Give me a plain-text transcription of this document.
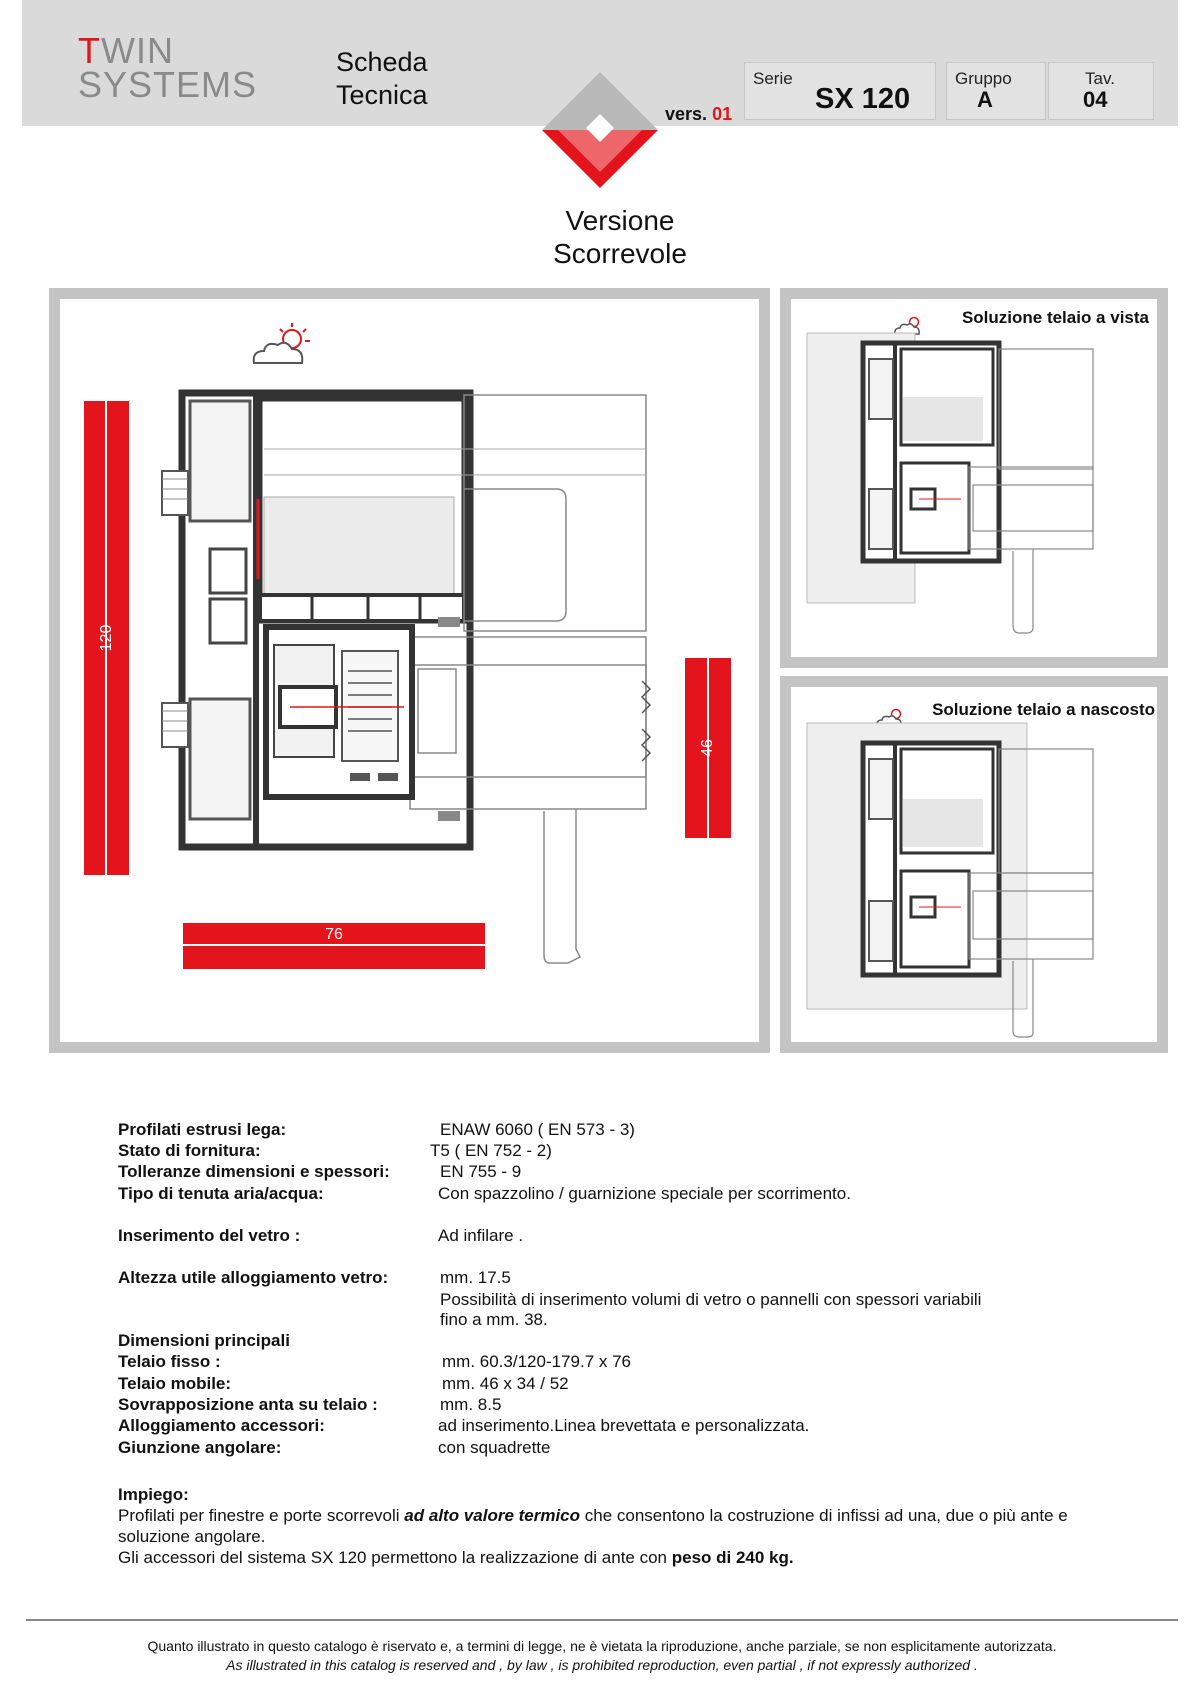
TWIN
SYSTEMS
Scheda
Tecnica
vers. 01
Serie
SX 120
Gruppo
A
Tav.
04
Versione
Scorrevole
120
76
46
Soluzione telaio a vista
Soluzione telaio a nascosto
Profilati estrusi lega:	ENAW 6060 ( EN 573 - 3)
Stato di fornitura:	T5 ( EN 752 - 2)
Tolleranze dimensioni e spessori:	EN 755 - 9
Tipo di tenuta aria/acqua:	Con spazzolino / guarnizione speciale per scorrimento.
Inserimento del vetro :	Ad infilare .
Altezza utile alloggiamento vetro:	mm. 17.5
Possibilità di inserimento volumi di vetro o pannelli con spessori variabili
fino a mm. 38.
Dimensioni principali
Telaio fisso :	mm. 60.3/120-179.7 x 76
Telaio mobile:	mm. 46 x 34 / 52
Sovrapposizione anta su telaio :	mm. 8.5
Alloggiamento accessori:	ad inserimento.Linea brevettata e personalizzata.
Giunzione angolare:	con squadrette
Impiego:
Profilati per finestre e porte scorrevoli ad alto valore termico che consentono la costruzione di infissi ad una, due o più ante e soluzione angolare.
Gli accessori del sistema SX 120 permettono la realizzazione di ante con peso di 240 kg.
Quanto illustrato in questo catalogo è riservato e, a termini di legge, ne è vietata la riproduzione, anche parziale, se non esplicitamente autorizzata.
As illustrated in this catalog is reserved and , by law , is prohibited reproduction, even partial , if not expressly authorized .
